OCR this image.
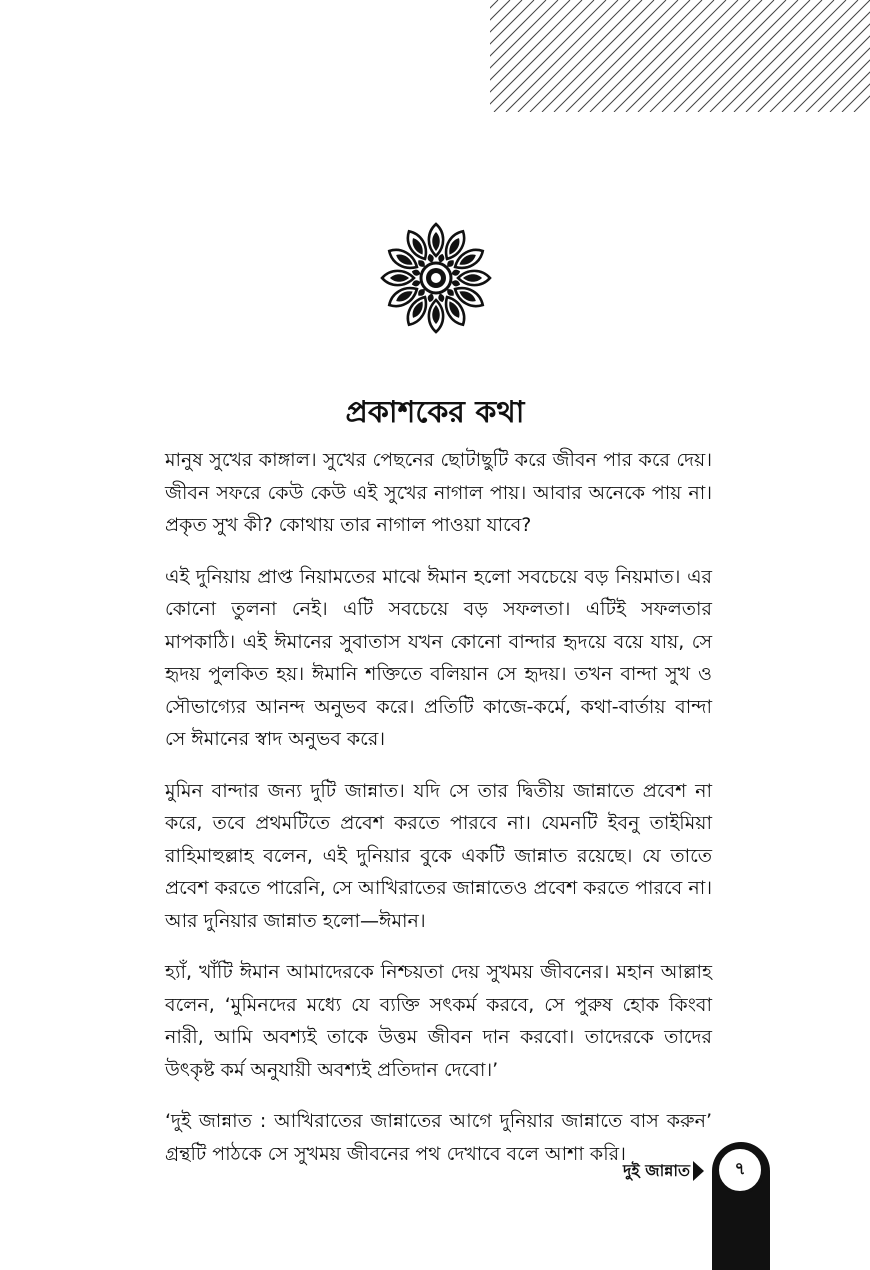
প্রকাশকের কথা

মানুষ সুখের কাঙ্গাল। সুখের পেছনের ছোটাছুটি করে জীবন পার করে দেয়। জীবন সফরে কেউ কেউ এই সুখের নাগাল পায়। আবার অনেকে পায় না। প্রকৃত সুখ কী? কোথায় তার নাগাল পাওয়া যাবে?

এই দুনিয়ায় প্রাপ্ত নিয়ামতের মাঝে ঈমান হলো সবচেয়ে বড় নিয়মাত। এর কোনো তুলনা নেই। এটি সবচেয়ে বড় সফলতা। এটিই সফলতার মাপকাঠি। এই ঈমানের সুবাতাস যখন কোনো বান্দার হৃদয়ে বয়ে যায়, সে হৃদয় পুলকিত হয়। ঈমানি শক্তিতে বলিয়ান সে হৃদয়। তখন বান্দা সুখ ও সৌভাগ্যের আনন্দ অনুভব করে। প্রতিটি কাজে-কর্মে, কথা-বার্তায় বান্দা সে ঈমানের স্বাদ অনুভব করে।

মুমিন বান্দার জন্য দুটি জান্নাত। যদি সে তার দ্বিতীয় জান্নাতে প্রবেশ না করে, তবে প্রথমটিতে প্রবেশ করতে পারবে না। যেমনটি ইবনু তাইমিয়া রাহিমাহুল্লাহ বলেন, এই দুনিয়ার বুকে একটি জান্নাত রয়েছে। যে তাতে প্রবেশ করতে পারেনি, সে আখিরাতের জান্নাতেও প্রবেশ করতে পারবে না। আর দুনিয়ার জান্নাত হলো—ঈমান।

হ্যাঁ, খাঁটি ঈমান আমাদেরকে নিশ্চয়তা দেয় সুখময় জীবনের। মহান আল্লাহ বলেন, ‘মুমিনদের মধ্যে যে ব্যক্তি সৎকর্ম করবে, সে পুরুষ হোক কিংবা নারী, আমি অবশ্যই তাকে উত্তম জীবন দান করবো। তাদেরকে তাদের উৎকৃষ্ট কর্ম অনুযায়ী অবশ্যই প্রতিদান দেবো।’

‘দুই জান্নাত : আখিরাতের জান্নাতের আগে দুনিয়ার জান্নাতে বাস করুন’ গ্রন্থটি পাঠকে সে সুখময় জীবনের পথ দেখাবে বলে আশা করি।

দুই জান্নাত	৭
